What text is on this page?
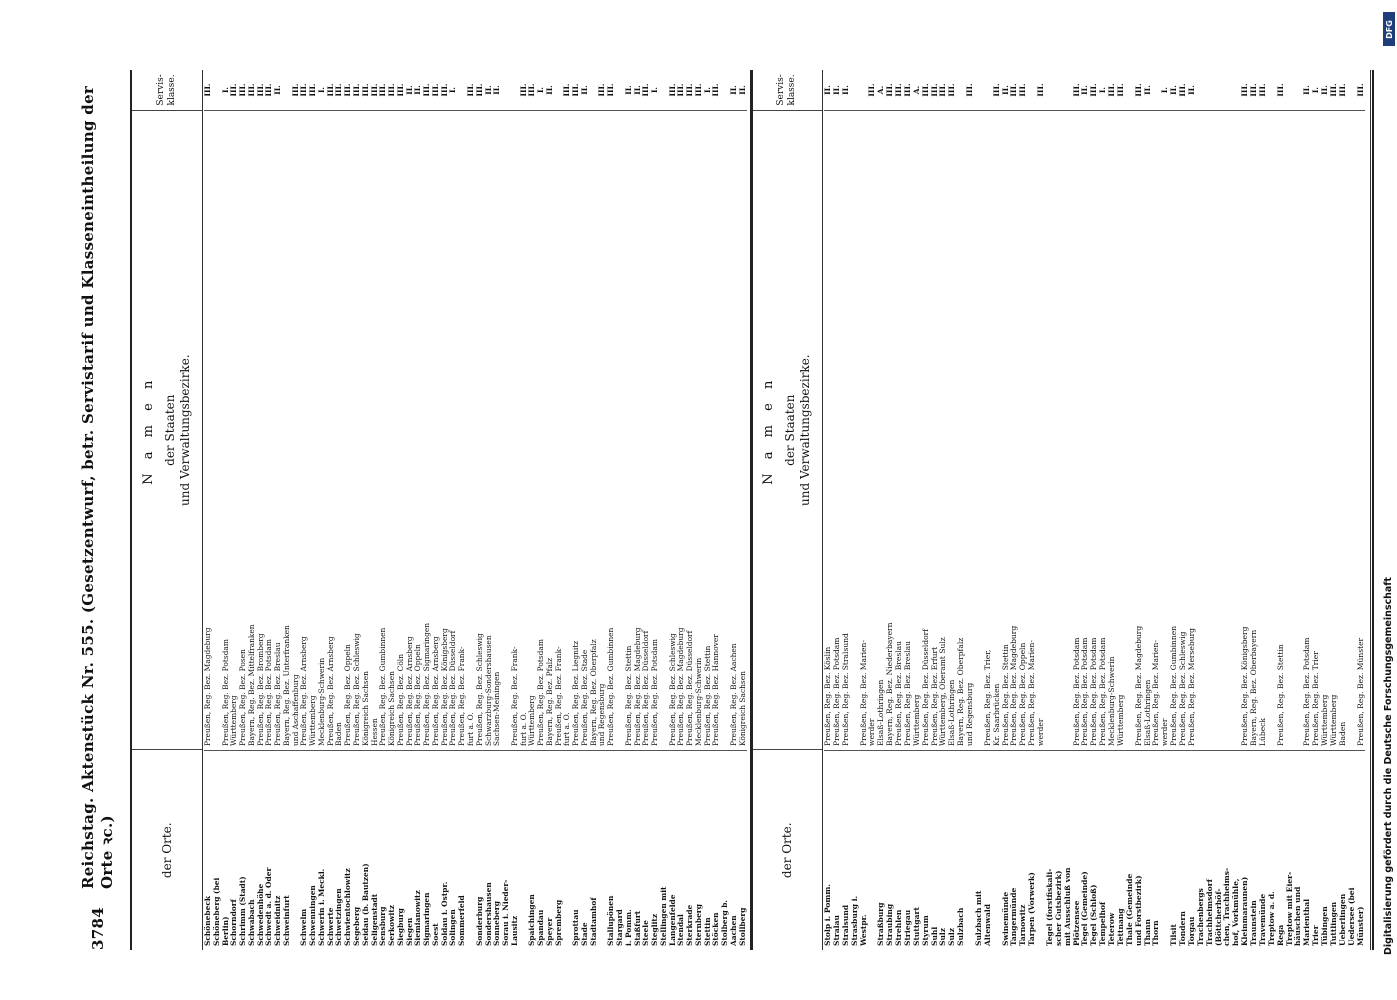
3784
Reichstag. Aktenstück Nr. 555. (Gesetzentwurf, betr. Servistarif und Klasseneintheilung der Orte ꝛc.)	der Orte.
N a m e n der Staaten und Verwaltungsbezirke.
Servis- klasse.
Schönebeck
Preußen, Reg. Bez. Magdeburg
III.
Schöneberg (bei Berlin)
Preußen, Reg. Bez. Potsdam
I.
Schorndorf
Württemberg
III.
Schrimm (Stadt)
Preußen, Reg. Bez. Posen
III.
Schwabach
Bayern, Reg. Bez. Mittelfranken
III.
Schwedenhöhe
Preußen, Reg. Bez. Bromberg
III.
Schwedt a. d. Oder
Preußen, Reg. Bez. Potsdam
III.
Schweidnitz
Preußen, Reg. Bez. Breslau
II.
Schweinfurt
Bayern, Reg. Bez. Unterfranken und Aschaffenburg
III.
Schwelm
Preußen, Reg. Bez. Arnsberg
III.
Schwenningen
Württemberg
III.
Schwerin i. Meckl.
Mecklenburg-Schwerin
I.
Schwerte
Preußen, Reg. Bez. Arnsberg
III.
Schwetzingen
Baden
III.
Schwientochlowitz
Preußen, Reg. Bez. Oppeln
III.
Segeberg
Preußen, Reg. Bez. Schleswig
III.
Seidau (b. Bautzen)
Königreich Sachsen
III.
Seligenstadt
Hessen
III.
Sensburg
Preußen, Reg. Bez. Gumbinnen
III.
Serkowitz
Königreich Sachsen
III.
Siegburg
Preußen, Reg. Bez. Cöln
III.
Siegen
Preußen, Reg. Bez. Arnsberg
II.
Siemianowitz
Preußen, Reg. Bez. Oppeln
II.
Sigmaringen
Preußen, Reg. Bez. Sigmaringen
III.
Soest
Preußen, Reg. Bez. Arnsberg
III.
Soldau i. Ostpr.
Preußen, Reg. Bez. Königsberg
III.
Solingen
Preußen, Reg. Bez. Düsseldorf
I.
Sommerfeld
Preußen, Reg. Bez. Frank- furt a. O.
III.
Sonderburg
Preußen, Reg. Bez. Schleswig
III.
Sondershausen
Schwarzburg-Sondershausen
II.
Sonneberg
Sachsen-Meiningen
II.
Sorau i. Nieder- Lausitz
Preußen, Reg. Bez. Frank- furt a. O.
III.
Spaichingen
Württemberg
III.
Spandau
Preußen, Reg. Bez. Potsdam
I.
Speyer
Bayern, Reg. Bez. Pfalz
II.
Spremberg
Preußen, Reg. Bez. Frank- furt a. O.
III.
Sprottau
Preußen, Reg. Bez. Liegnitz
III.
Stade
Preußen, Reg. Bez. Stade
II.
Stadtamhof
Bayern, Reg. Bez. Oberpfalz und Regensburg
III.
Stallupönen
Preußen, Reg. Bez. Gumbinnen
III.
Stargard i. Pomm.
Preußen, Reg. Bez. Stettin
II.
Staßfurt
Preußen, Reg. Bez. Magdeburg
II.
Steele
Preußen, Reg. Bez. Düsseldorf
III.
Steglitz
Preußen, Reg. Bez. Potsdam
I.
Stellingen mit Langenfelde
Preußen, Reg. Bez. Schleswig
III.
Stendal
Preußen, Reg. Bez. Magdeburg
III.
Sterkrade
Preußen, Reg. Bez. Düsseldorf
III.
Sternberg
Mecklenburg-Schwerin
III.
Stettin
Preußen, Reg. Bez. Stettin
I.
Stöcken
Preußen, Reg. Bez. Hannover
III.
Stolberg b. Aachen
Preußen, Reg. Bez. Aachen
II.
Stollberg
Königreich Sachsen
II.
der Orte.
N a m e n der Staaten und Verwaltungsbezirke.
Servis- klasse.
Stolp i. Pomm.
Preußen, Reg. Bez. Köslin
II.
Stralau
Preußen, Reg. Bez. Potsdam
II.
Stralsund
Preußen, Reg. Bez. Stralsund
II.
Strasburg i. Westpr.
Preußen, Reg. Bez. Marien- werder
III.
Straßburg
Elsaß-Lothringen
A.
Straubing
Bayern, Reg. Bez. Niederbayern
III.
Strehlen
Preußen, Reg. Bez. Breslau
III.
Striegau
Preußen, Reg. Bez. Breslau
III.
Stuttgart
Württemberg
A.
Styrum
Preußen, Reg. Bez. Düsseldorf
III.
Suhl
Preußen, Reg. Bez. Erfurt
III.
Sulz
Württemberg, Oberamt Sulz
III.
Sulz
Elsaß-Lothringen
III.
Sulzbach
Bayern, Reg. Bez. Oberpfalz und Regensburg
III.
Sulzbach mit Altenwald
Preußen, Reg. Bez. Trier, Kr. Saarbrücken
III.
Swinemünde
Preußen, Reg. Bez. Stettin
II.
Tangermünde
Preußen, Reg. Bez. Magdeburg
III.
Tarnowitz
Preußen, Reg. Bez. Oppeln
III.
Tarpen (Vorwerk)
Preußen, Reg. Bez. Marien- werder
III.
Tegel (forstfiskali- scher Gutsbezirk) mit Ausschluß von Plötzensee
Preußen, Reg. Bez. Potsdam
III.
Tegel (Gemeinde)
Preußen, Reg. Bez. Potsdam
II.
Tegel (Schloß)
Preußen, Reg. Bez. Potsdam
III.
Tempelhof
Preußen, Reg. Bez. Potsdam
I.
Teterow
Mecklenburg-Schwerin
III.
Tettnang
Württemberg
III.
Thale (Gemeinde und Forstbezirk)
Preußen, Reg. Bez. Magdeburg
III.
Thann
Elsaß-Lothringen
II.
Thorn
Preußen, Reg. Bez. Marien- werder
I.
Tilsit
Preußen, Reg. Bez. Gumbinnen
II.
Tondern
Preußen, Reg. Bez. Schleswig
III.
Torgau
Preußen, Reg. Bez. Merseburg
II.
Trachenbergs Trachheimsdorf (Böttcherhöf- chen, Trachheims- hof, Vorkmühle, Kleinmaraunen)
Preußen, Reg. Bez. Königsberg
III.
Traunstein
Bayern, Reg. Bez. Oberbayern
III.
Travemünde
Lübeck
III.
Treptow a. d. Rega
Preußen, Reg. Bez. Stettin
III.
Treptow mit Eier- häuschen und Marienthal
Preußen, Reg. Bez. Potsdam
II.
Trier
Preußen, Reg. Bez. Trier
I.
Tübingen
Württemberg
II.
Tuttlingen
Württemberg
III.
Ueberlingen
Baden
III.
Uedersee (bei Münster)
Preußen, Reg. Bez. Münster
III.
DFG
Digitalisierung gefördert durch die Deutsche Forschungsgemeinschaft
